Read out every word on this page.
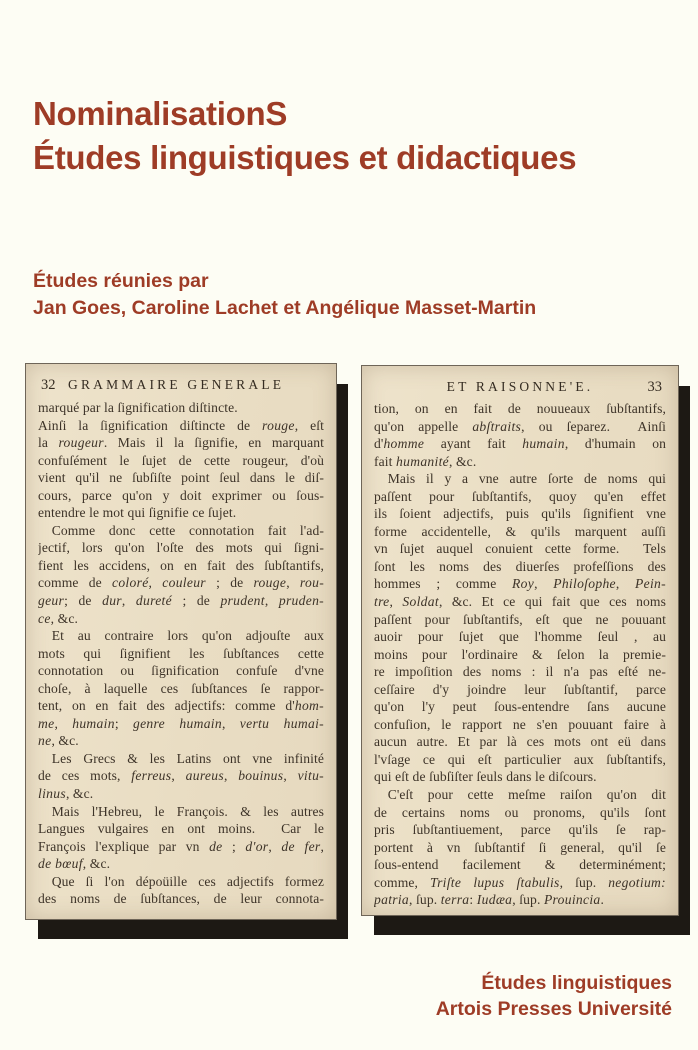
NominalisationS
Études linguistiques et didactiques
Études réunies par
Jan Goes, Caroline Lachet et Angélique Masset-Martin
32 GRAMMAIRE GENERALE
marqué par la ſignification diſtincte.
Ainſi la ſignification diſtincte de rouge, eſt
la rougeur. Mais il la ſignifie, en marquant
confuſément le ſujet de cette rougeur, d'où
vient qu'il ne ſubſiſte point ſeul dans le diſ-
cours, parce qu'on y doit exprimer ou ſous-
entendre le mot qui ſignifie ce ſujet.
 Comme donc cette connotation fait l'ad-
jectif, lors qu'on l'oſte des mots qui ſigni-
fient les accidens, on en fait des ſubſtantifs,
comme de coloré, couleur ; de rouge, rou-
geur; de dur, dureté ; de prudent, pruden-
ce, &c.
 Et au contraire lors qu'on adjouſte aux
mots qui ſignifient les ſubſtances cette
connotation ou ſignification confuſe d'vne
choſe, à laquelle ces ſubſtances ſe rappor-
tent, on en fait des adjectifs: comme d'hom-
me, humain; genre humain, vertu humai-
ne, &c.
 Les Grecs & les Latins ont vne infinité
de ces mots, ferreus, aureus, bouinus, vitu-
linus, &c.
 Mais l'Hebreu, le François. & les autres
Langues vulgaires en ont moins.  Car le
François l'explique par vn de ; d'or, de fer,
de bœuf, &c.
 Que ſi l'on dépoüille ces adjectifs formez
des noms de ſubſtances, de leur connota-
ET RAISONNE'E.	33
tion, on en fait de nouueaux ſubſtantifs,
qu'on appelle abſtraits, ou ſeparez.  Ainſi
d'homme ayant fait humain, d'humain on
fait humanité, &c.
 Mais il y a vne autre ſorte de noms qui
paſſent pour ſubſtantifs, quoy qu'en effet
ils ſoient adjectifs, puis qu'ils ſignifient vne
forme accidentelle, & qu'ils marquent auſſi
vn ſujet auquel conuient cette forme.  Tels
ſont les noms des diuerſes profeſſions des
hommes ; comme Roy, Philoſophe, Pein-
tre, Soldat, &c. Et ce qui fait que ces noms
paſſent pour ſubſtantifs, eſt que ne pouuant
auoir pour ſujet que l'homme ſeul , au
moins pour l'ordinaire & ſelon la premie-
re impoſition des noms : il n'a pas eſté ne-
ceſſaire d'y joindre leur ſubſtantif, parce
qu'on l'y peut ſous-entendre ſans aucune
confuſion, le rapport ne s'en pouuant faire à
aucun autre. Et par là ces mots ont eü dans
l'vſage ce qui eſt particulier aux ſubſtantifs,
qui eſt de ſubſiſter ſeuls dans le diſcours.
 C'eſt pour cette meſme raiſon qu'on dit
de certains noms ou pronoms, qu'ils ſont
pris ſubſtantiuement, parce qu'ils ſe rap-
portent à vn ſubſtantif ſi general, qu'il ſe
ſous-entend facilement & determinément;
comme, Triſte lupus ſtabulis, ſup. negotium:
patria, ſup. terra: Iudæa, ſup. Prouincia.
Études linguistiques
Artois Presses Université
